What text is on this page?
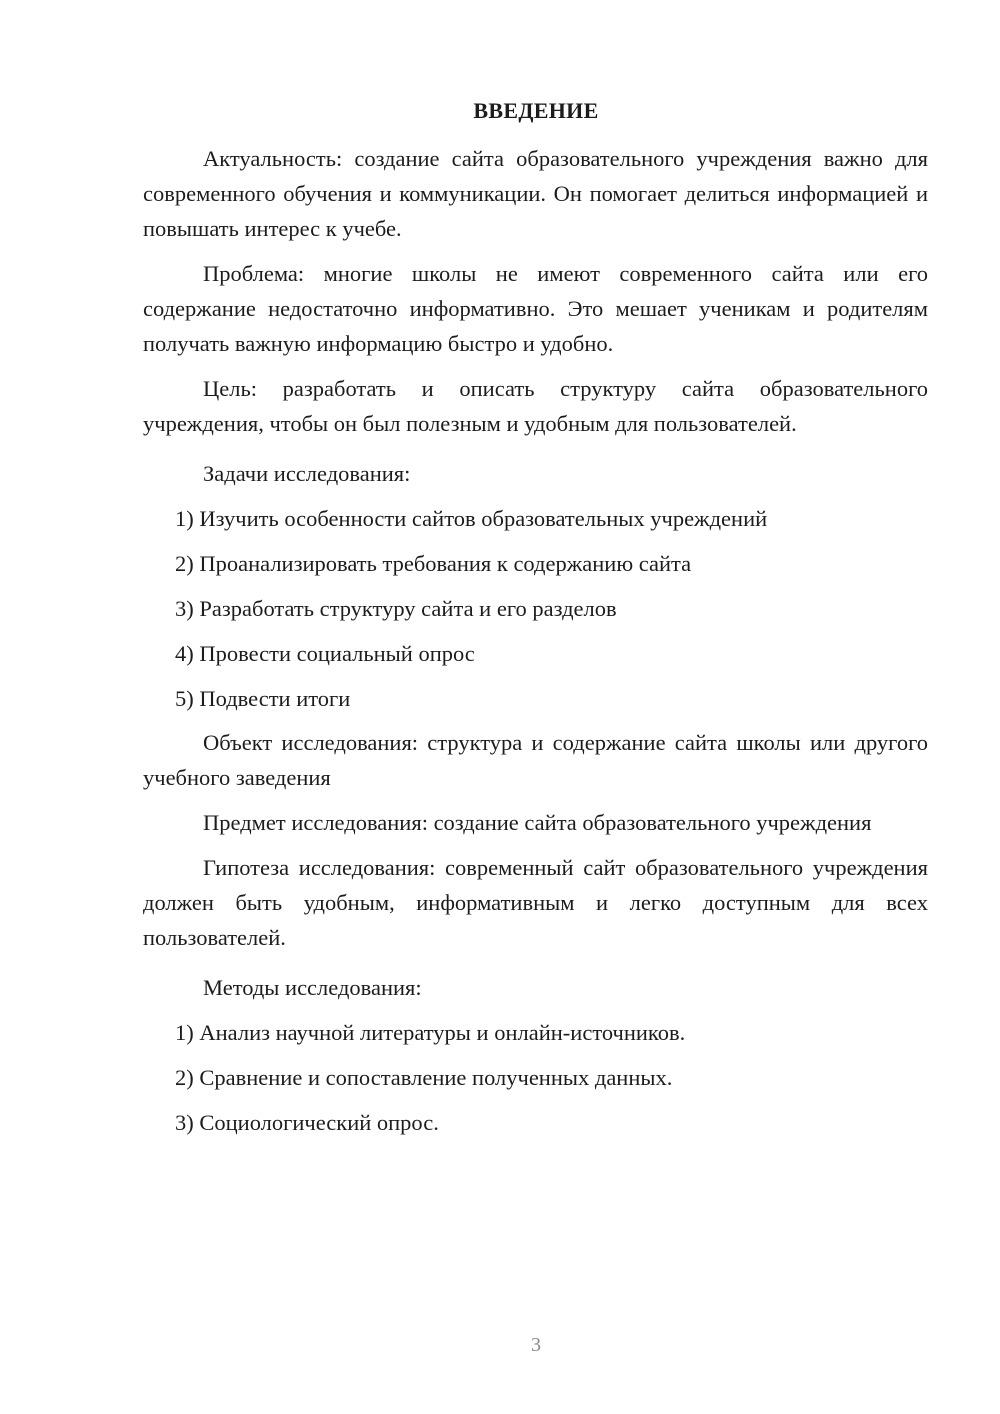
ВВЕДЕНИЕ

Актуальность: создание сайта образовательного учреждения важно для современного обучения и коммуникации. Он помогает делиться информацией и повышать интерес к учебе.

Проблема: многие школы не имеют современного сайта или его содержание недостаточно информативно. Это мешает ученикам и родителям получать важную информацию быстро и удобно.

Цель: разработать и описать структуру сайта образовательного учреждения, чтобы он был полезным и удобным для пользователей.

Задачи исследования:

1) Изучить особенности сайтов образовательных учреждений

2) Проанализировать требования к содержанию сайта

3) Разработать структуру сайта и его разделов

4) Провести социальный опрос

5) Подвести итоги

Объект исследования: структура и содержание сайта школы или другого учебного заведения

Предмет исследования: создание сайта образовательного учреждения

Гипотеза исследования: современный сайт образовательного учреждения должен быть удобным, информативным и легко доступным для всех пользователей.

Методы исследования:

1) Анализ научной литературы и онлайн-источников.

2) Сравнение и сопоставление полученных данных.

3) Социологический опрос.

3
